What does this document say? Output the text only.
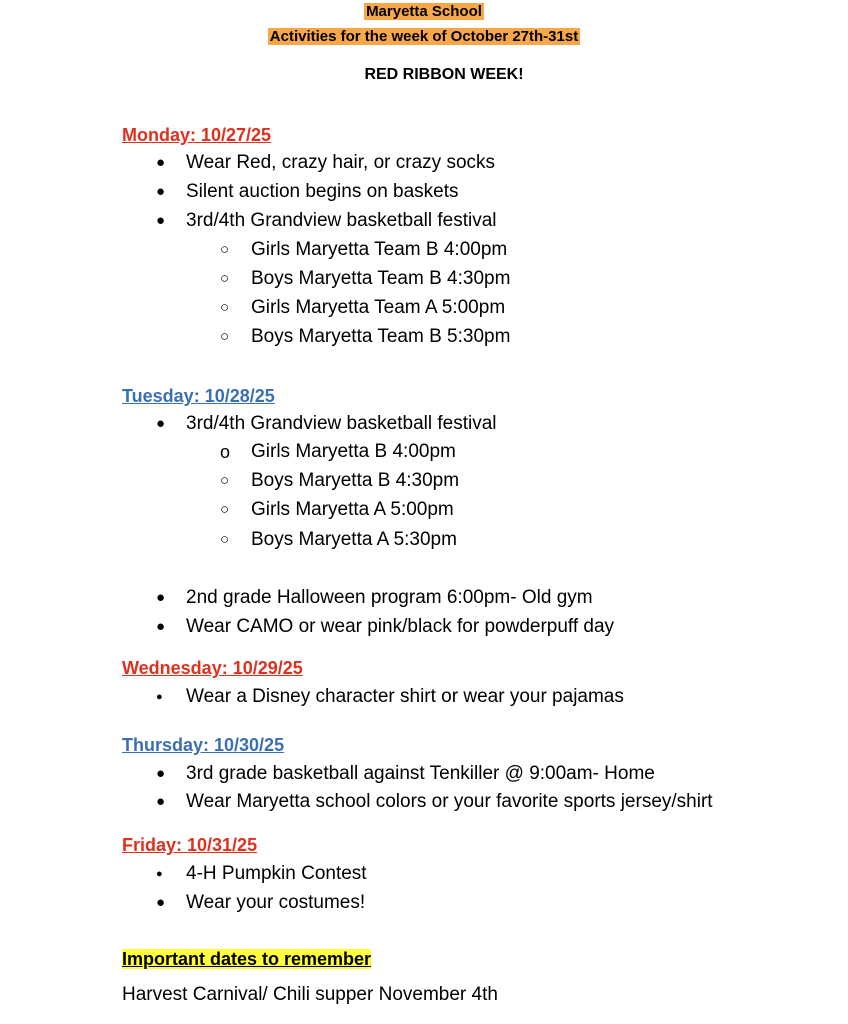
Maryetta School
Activities for the week of October 27th-31st
RED RIBBON WEEK!
Monday: 10/27/25
● Wear Red, crazy hair, or crazy socks
● Silent auction begins on baskets
● 3rd/4th Grandview basketball festival
○ Girls Maryetta Team B 4:00pm
○ Boys Maryetta Team B 4:30pm
○ Girls Maryetta Team A 5:00pm
○ Boys Maryetta Team B 5:30pm
Tuesday: 10/28/25
● 3rd/4th Grandview basketball festival
o Girls Maryetta B 4:00pm
○ Boys Maryetta B 4:30pm
○ Girls Maryetta A 5:00pm
○ Boys Maryetta A 5:30pm
● 2nd grade Halloween program 6:00pm- Old gym
● Wear CAMO or wear pink/black for powderpuff day
Wednesday: 10/29/25
● Wear a Disney character shirt or wear your pajamas
Thursday: 10/30/25
● 3rd grade basketball against Tenkiller @ 9:00am- Home
● Wear Maryetta school colors or your favorite sports jersey/shirt
Friday: 10/31/25
● 4-H Pumpkin Contest
● Wear your costumes!
Important dates to remember
Harvest Carnival/ Chili supper November 4th
